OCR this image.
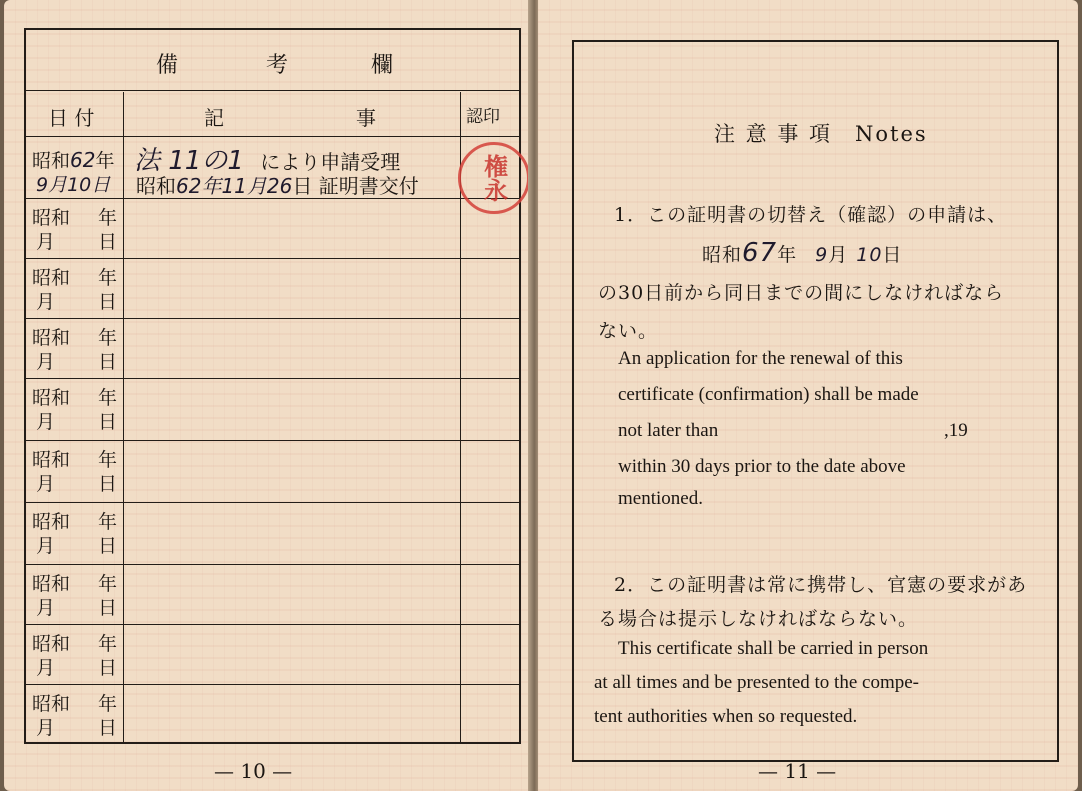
備	考	欄
日 付	記	事	認印
昭和62年
9月10日
法 11の1 により申請受理
昭和62年11月26日 証明書交付	権永
昭和 年
月 日
昭和 年
月 日
昭和 年
月 日
昭和 年
月 日
昭和 年
月 日
昭和 年
月 日
昭和 年
月 日
昭和 年
月 日
昭和 年
月 日
— 10 —
注 意 事 項　Notes
1．この証明書の切替え（確認）の申請は、
昭和67年 9月 10日
の30日前から同日までの間にしなければなら
ない。
An application for the renewal of this
certificate (confirmation) shall be made
not later than	,19
within 30 days prior to the date above
mentioned.
2．この証明書は常に携帯し、官憲の要求があ
る場合は提示しなければならない。
This certificate shall be carried in person
at all times and be presented to the compe-
tent authorities when so requested.
— 11 —
